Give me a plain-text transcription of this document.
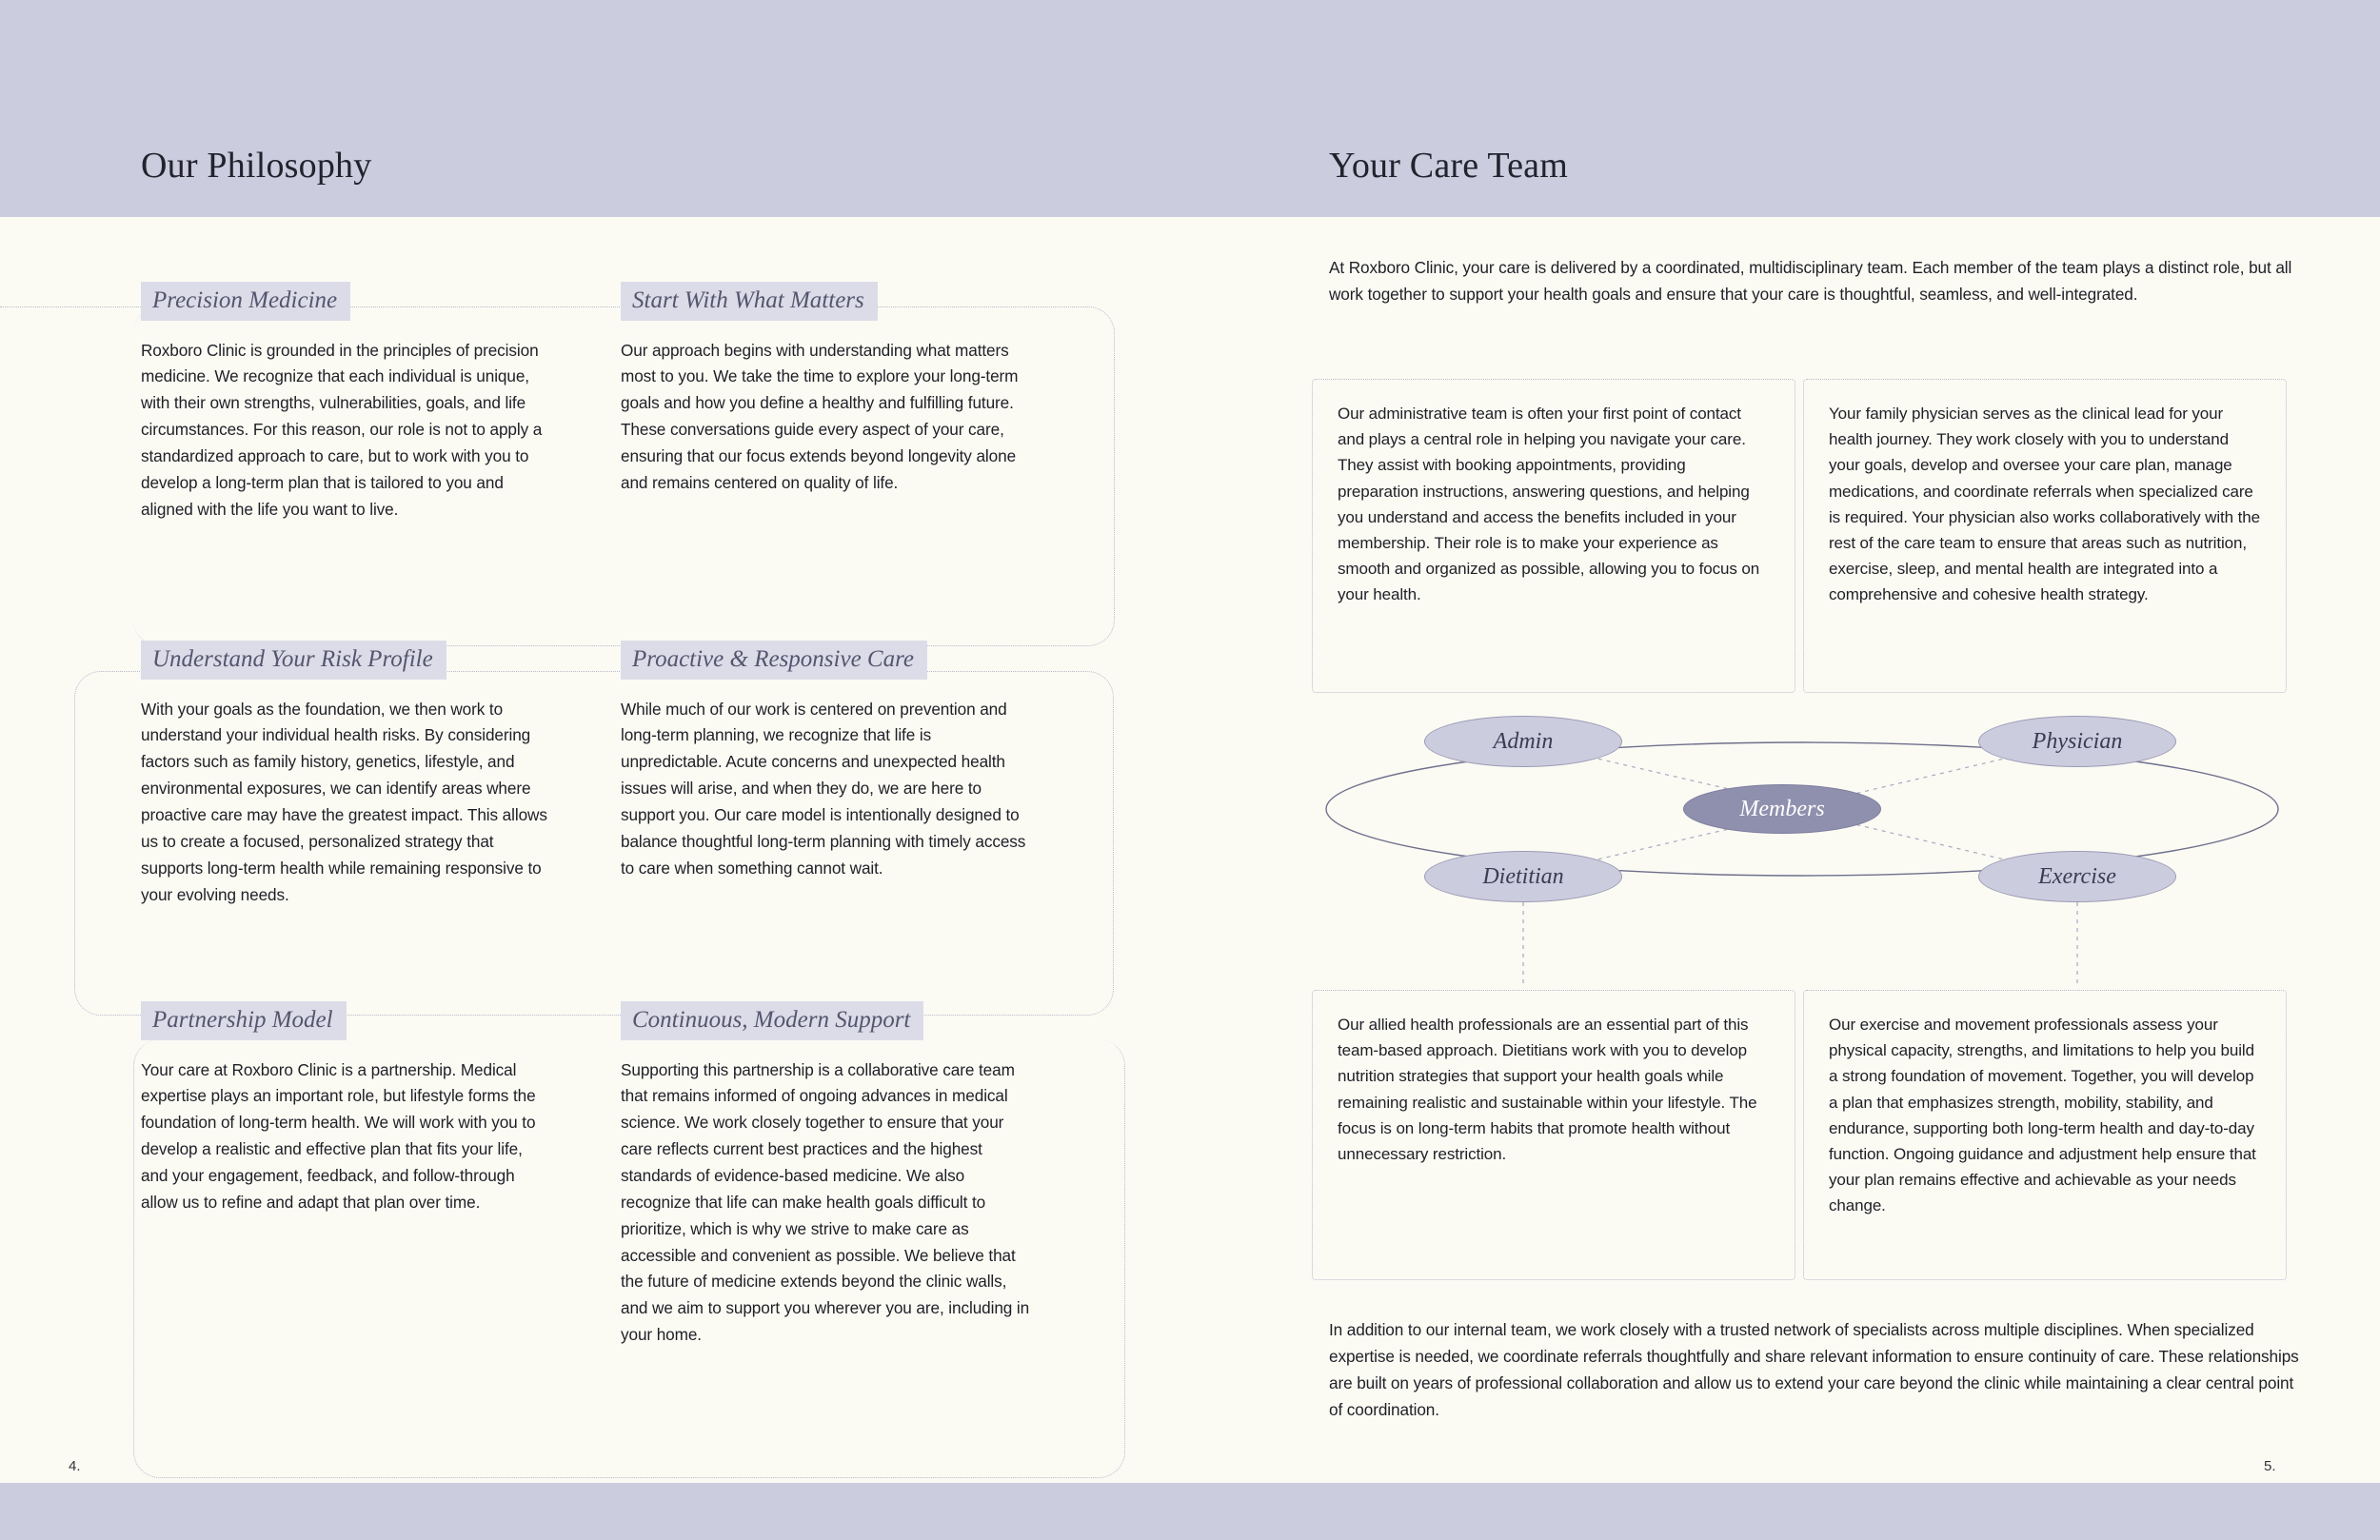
Our Philosophy
Precision Medicine
Roxboro Clinic is grounded in the principles of precision medicine. We recognize that each individual is unique, with their own strengths, vulnerabilities, goals, and life circumstances. For this reason, our role is not to apply a standardized approach to care, but to work with you to develop a long-term plan that is tailored to you and aligned with the life you want to live.
Start With What Matters
Our approach begins with understanding what matters most to you. We take the time to explore your long-term goals and how you define a healthy and fulfilling future. These conversations guide every aspect of your care, ensuring that our focus extends beyond longevity alone and remains centered on quality of life.
Understand Your Risk Profile
With your goals as the foundation, we then work to understand your individual health risks. By considering factors such as family history, genetics, lifestyle, and environmental exposures, we can identify areas where proactive care may have the greatest impact. This allows us to create a focused, personalized strategy that supports long-term health while remaining responsive to your evolving needs.
Proactive & Responsive Care
While much of our work is centered on prevention and long-term planning, we recognize that life is unpredictable. Acute concerns and unexpected health issues will arise, and when they do, we are here to support you. Our care model is intentionally designed to balance thoughtful long-term planning with timely access to care when something cannot wait.
Partnership Model
Your care at Roxboro Clinic is a partnership. Medical expertise plays an important role, but lifestyle forms the foundation of long-term health. We will work with you to develop a realistic and effective plan that fits your life, and your engagement, feedback, and follow-through allow us to refine and adapt that plan over time.
Continuous, Modern Support
Supporting this partnership is a collaborative care team that remains informed of ongoing advances in medical science. We work closely together to ensure that your care reflects current best practices and the highest standards of evidence-based medicine. We also recognize that life can make health goals difficult to prioritize, which is why we strive to make care as accessible and convenient as possible. We believe that the future of medicine extends beyond the clinic walls, and we aim to support you wherever you are, including in your home.
4.
Your Care Team
At Roxboro Clinic, your care is delivered by a coordinated, multidisciplinary team. Each member of the team plays a distinct role, but all work together to support your health goals and ensure that your care is thoughtful, seamless, and well-integrated.
Our administrative team is often your first point of contact and plays a central role in helping you navigate your care. They assist with booking appointments, providing preparation instructions, answering questions, and helping you understand and access the benefits included in your membership. Their role is to make your experience as smooth and organized as possible, allowing you to focus on your health.
Your family physician serves as the clinical lead for your health journey. They work closely with you to understand your goals, develop and oversee your care plan, manage medications, and coordinate referrals when specialized care is required. Your physician also works collaboratively with the rest of the care team to ensure that areas such as nutrition, exercise, sleep, and mental health are integrated into a comprehensive and cohesive health strategy.
Our allied health professionals are an essential part of this team-based approach. Dietitians work with you to develop nutrition strategies that support your health goals while remaining realistic and sustainable within your lifestyle. The focus is on long-term habits that promote health without unnecessary restriction.
Our exercise and movement professionals assess your physical capacity, strengths, and limitations to help you build a strong foundation of movement. Together, you will develop a plan that emphasizes strength, mobility, stability, and endurance, supporting both long-term health and day-to-day function. Ongoing guidance and adjustment help ensure that your plan remains effective and achievable as your needs change.
Admin	Physician
Dietitian	Exercise
Members
In addition to our internal team, we work closely with a trusted network of specialists across multiple disciplines. When specialized expertise is needed, we coordinate referrals thoughtfully and share relevant information to ensure continuity of care. These relationships are built on years of professional collaboration and allow us to extend your care beyond the clinic while maintaining a clear central point of coordination.
5.
